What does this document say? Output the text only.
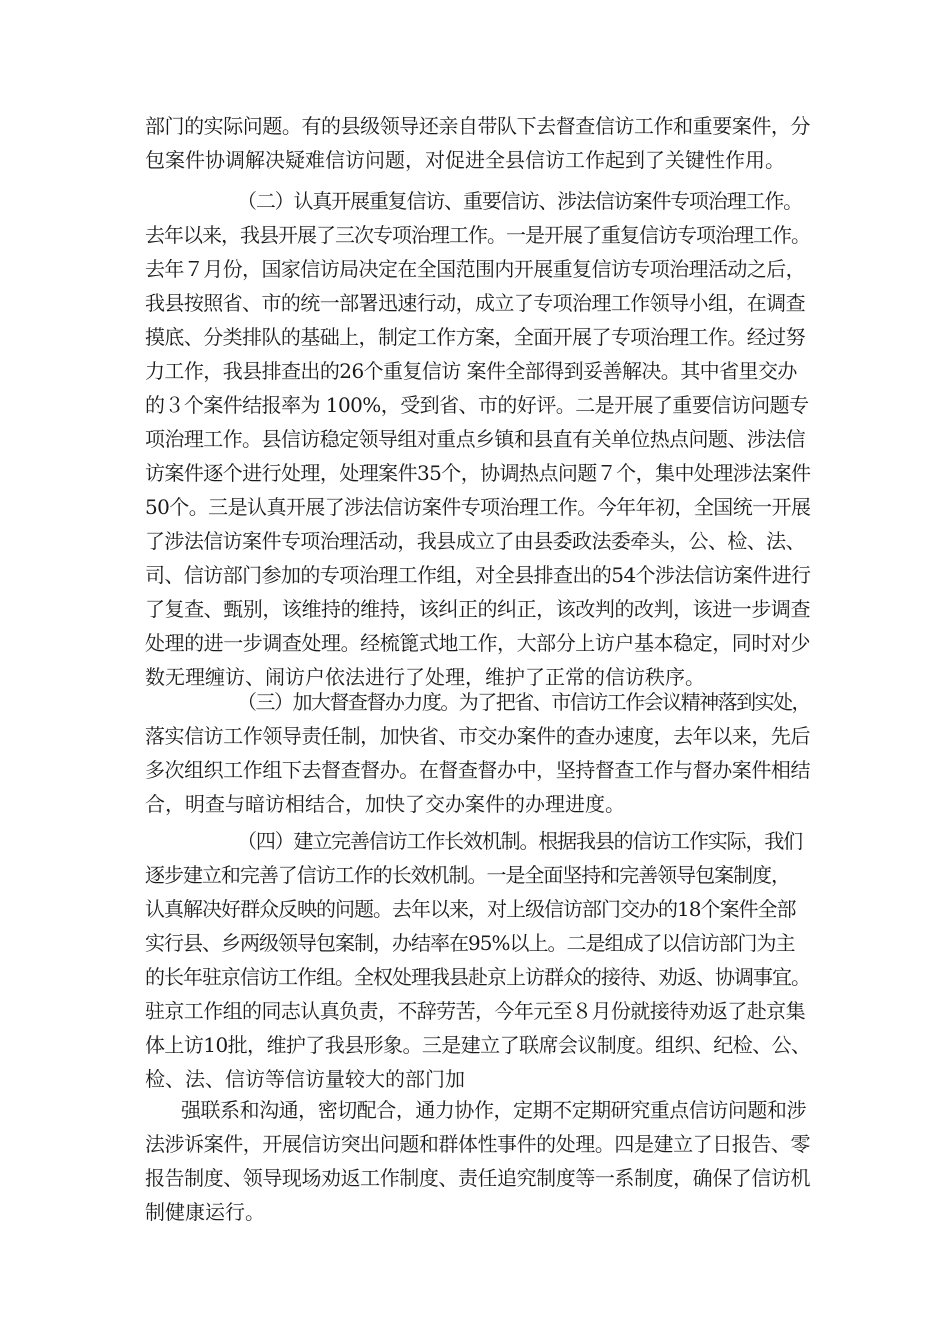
部门的实际问题。有的县级领导还亲自带队下去督查信访工作和重要案件，分
包案件协调解决疑难信访问题，对促进全县信访工作起到了关键性作用。
（二）认真开展重复信访、重要信访、涉法信访案件专项治理工作。
去年以来，我县开展了三次专项治理工作。一是开展了重复信访专项治理工作。
去年７月份，国家信访局决定在全国范围内开展重复信访专项治理活动之后，
我县按照省、市的统一部署迅速行动，成立了专项治理工作领导小组，在调查
摸底、分类排队的基础上，制定工作方案，全面开展了专项治理工作。经过努
力工作，我县排查出的26个重复信访 案件全部得到妥善解决。其中省里交办
的３个案件结报率为 100%，受到省、市的好评。二是开展了重要信访问题专
项治理工作。县信访稳定领导组对重点乡镇和县直有关单位热点问题、涉法信
访案件逐个进行处理，处理案件35个，协调热点问题７个，集中处理涉法案件
50个。三是认真开展了涉法信访案件专项治理工作。今年年初，全国统一开展
了涉法信访案件专项治理活动，我县成立了由县委政法委牵头，公、检、法、
司、信访部门参加的专项治理工作组，对全县排查出的54个涉法信访案件进行
了复查、甄别，该维持的维持，该纠正的纠正，该改判的改判，该进一步调查
处理的进一步调查处理。经梳篦式地工作，大部分上访户基本稳定，同时对少
数无理缠访、闹访户依法进行了处理，维护了正常的信访秩序。
（三）加大督查督办力度。为了把省、市信访工作会议精神落到实处，
落实信访工作领导责任制，加快省、市交办案件的查办速度，去年以来，先后
多次组织工作组下去督查督办。在督查督办中，坚持督查工作与督办案件相结
合，明查与暗访相结合，加快了交办案件的办理进度。
（四）建立完善信访工作长效机制。根据我县的信访工作实际，我们
逐步建立和完善了信访工作的长效机制。一是全面坚持和完善领导包案制度，
认真解决好群众反映的问题。去年以来，对上级信访部门交办的18个案件全部
实行县、乡两级领导包案制，办结率在95%以上。二是组成了以信访部门为主
的长年驻京信访工作组。全权处理我县赴京上访群众的接待、劝返、协调事宜。
驻京工作组的同志认真负责，不辞劳苦，今年元至８月份就接待劝返了赴京集
体上访10批，维护了我县形象。三是建立了联席会议制度。组织、纪检、公、
检、法、信访等信访量较大的部门加
强联系和沟通，密切配合，通力协作，定期不定期研究重点信访问题和涉
法涉诉案件，开展信访突出问题和群体性事件的处理。四是建立了日报告、零
报告制度、领导现场劝返工作制度、责任追究制度等一系制度，确保了信访机
制健康运行。
